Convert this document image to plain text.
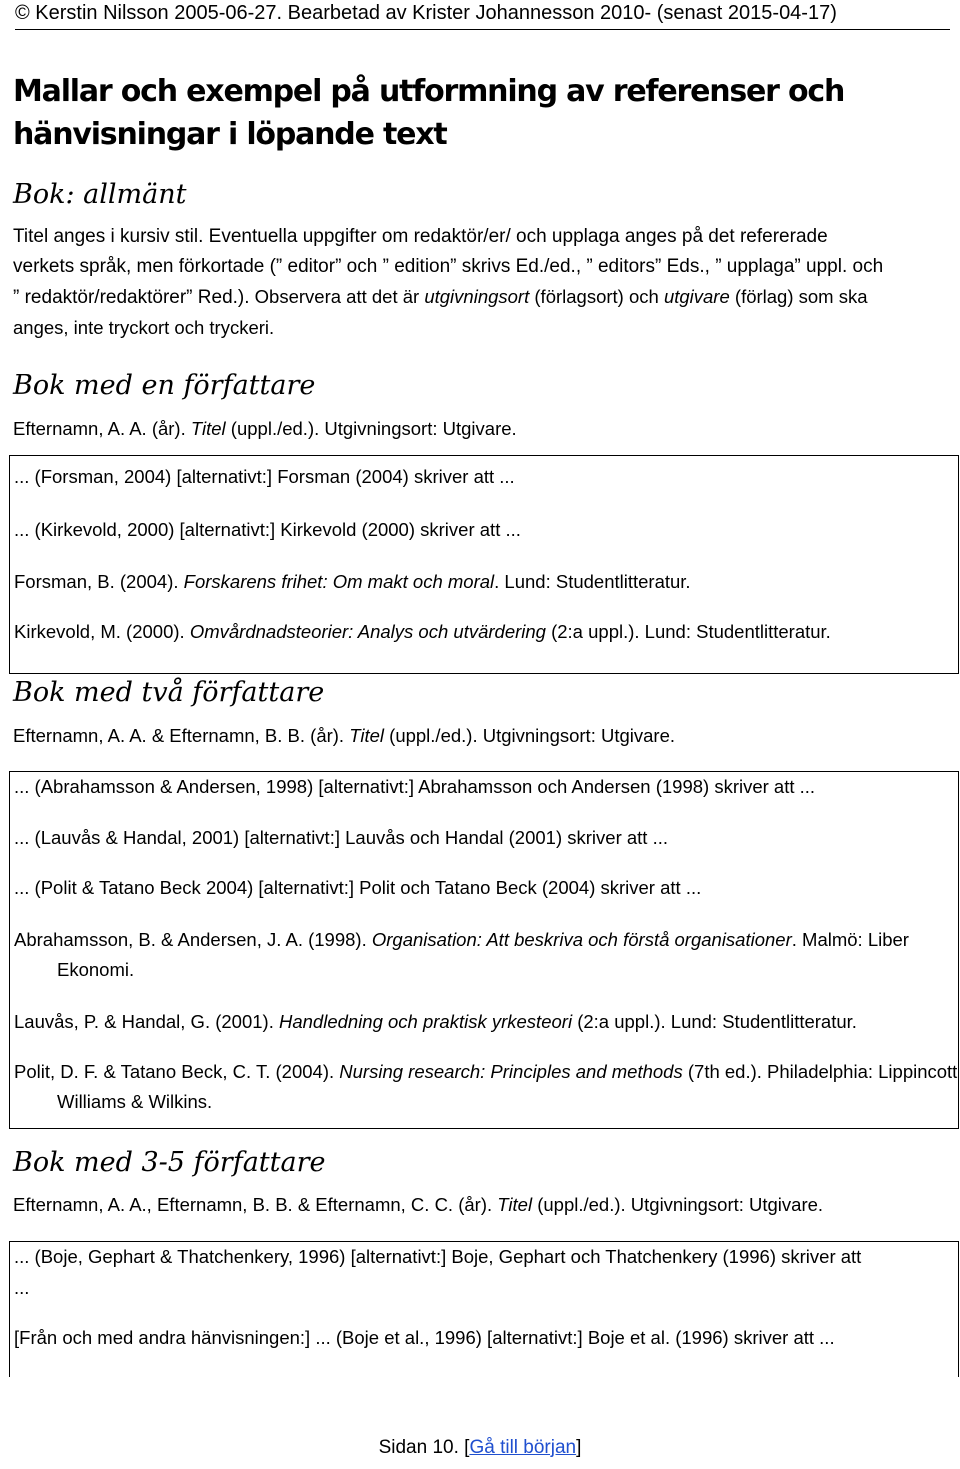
© Kerstin Nilsson 2005-06-27. Bearbetad av Krister Johannesson 2010- (senast 2015-04-17)
Mallar och exempel på utformning av referenser och
hänvisningar i löpande text
Bok: allmänt
Titel anges i kursiv stil. Eventuella uppgifter om redaktör/er/ och upplaga anges på det refererade
verkets språk, men förkortade (” editor” och ” edition” skrivs Ed./ed., ” editors” Eds., ” upplaga” uppl. och
” redaktör/redaktörer” Red.). Observera att det är utgivningsort (förlagsort) och utgivare (förlag) som ska
anges, inte tryckort och tryckeri.
Bok med en författare
Efternamn, A. A. (år). Titel (uppl./ed.). Utgivningsort: Utgivare.
... (Forsman, 2004) [alternativt:] Forsman (2004) skriver att ...
... (Kirkevold, 2000) [alternativt:] Kirkevold (2000) skriver att ...
Forsman, B. (2004). Forskarens frihet: Om makt och moral. Lund: Studentlitteratur.
Kirkevold, M. (2000). Omvårdnadsteorier: Analys och utvärdering (2:a uppl.). Lund: Studentlitteratur.
Bok med två författare
Efternamn, A. A. & Efternamn, B. B. (år). Titel (uppl./ed.). Utgivningsort: Utgivare.
... (Abrahamsson & Andersen, 1998) [alternativt:] Abrahamsson och Andersen (1998) skriver att ...
... (Lauvås & Handal, 2001) [alternativt:] Lauvås och Handal (2001) skriver att ...
... (Polit & Tatano Beck 2004) [alternativt:] Polit och Tatano Beck (2004) skriver att ...
Abrahamsson, B. & Andersen, J. A. (1998). Organisation: Att beskriva och förstå organisationer. Malmö: Liber Ekonomi.
Lauvås, P. & Handal, G. (2001). Handledning och praktisk yrkesteori (2:a uppl.). Lund: Studentlitteratur.
Polit, D. F. & Tatano Beck, C. T. (2004). Nursing research: Principles and methods (7th ed.). Philadelphia: Lippincott Williams & Wilkins.
Bok med 3-5 författare
Efternamn, A. A., Efternamn, B. B. & Efternamn, C. C. (år). Titel (uppl./ed.). Utgivningsort: Utgivare.
... (Boje, Gephart & Thatchenkery, 1996) [alternativt:] Boje, Gephart och Thatchenkery (1996) skriver att
...
[Från och med andra hänvisningen:] ... (Boje et al., 1996) [alternativt:] Boje et al. (1996) skriver att ...
Sidan 10. [Gå till början]
